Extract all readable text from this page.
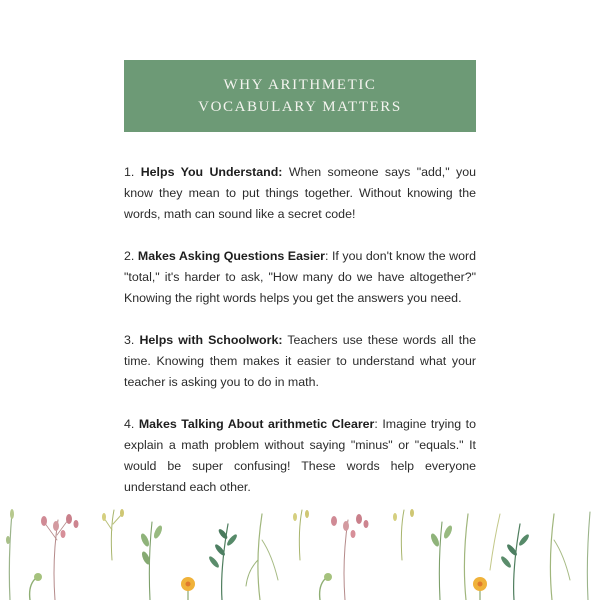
WHY ARITHMETIC
VOCABULARY MATTERS

1. Helps You Understand: When someone says "add," you know they mean to put things together. Without knowing the words, math can sound like a secret code!

2. Makes Asking Questions Easier: If you don't know the word "total," it's harder to ask, "How many do we have altogether?" Knowing the right words helps you get the answers you need.

3. Helps with Schoolwork: Teachers use these words all the time. Knowing them makes it easier to understand what your teacher is asking you to do in math.

4. Makes Talking About arithmetic Clearer: Imagine trying to explain a math problem without saying "minus" or "equals." It would be super confusing! These words help everyone understand each other.
